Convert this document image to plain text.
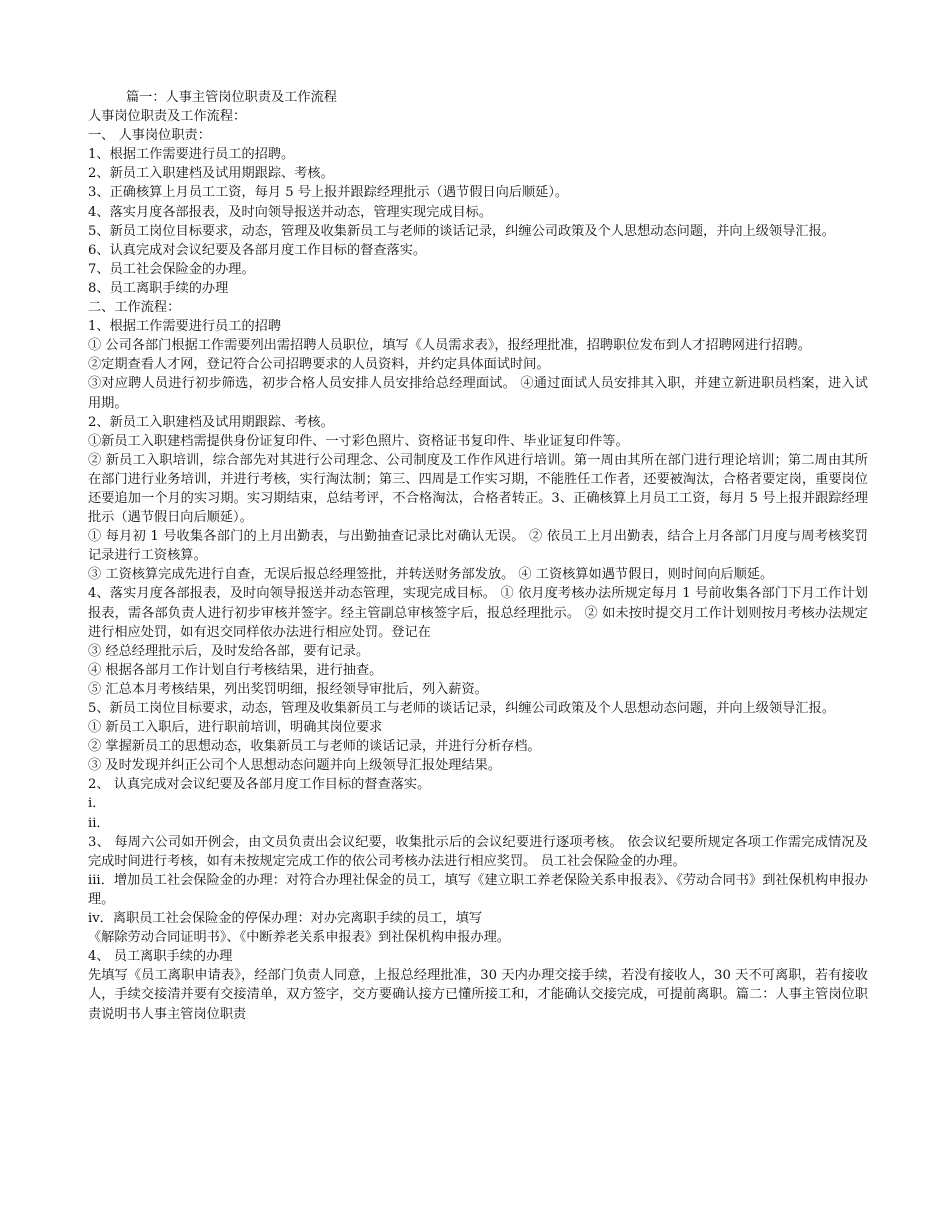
篇一：人事主管岗位职责及工作流程
人事岗位职责及工作流程：
一、 人事岗位职责：
1、根据工作需要进行员工的招聘。
2、新员工入职建档及试用期跟踪、考核。
3、正确核算上月员工工资，每月 5 号上报并跟踪经理批示（遇节假日向后顺延）。
4、落实月度各部报表，及时向领导报送并动态，管理实现完成目标。
5、新员工岗位目标要求，动态，管理及收集新员工与老师的谈话记录，纠缠公司政策及个人思想动态问题，并向上级领导汇报。
6、认真完成对会议纪要及各部月度工作目标的督查落实。
7、员工社会保险金的办理。
8、员工离职手续的办理
二、工作流程：
1、根据工作需要进行员工的招聘
① 公司各部门根据工作需要列出需招聘人员职位，填写《人员需求表》，报经理批准，招聘职位发布到人才招聘网进行招聘。
②定期查看人才网，登记符合公司招聘要求的人员资料，并约定具体面试时间。
③对应聘人员进行初步筛选，初步合格人员安排人员安排给总经理面试。 ④通过面试人员安排其入职，并建立新进职员档案，进入试用期。
2、新员工入职建档及试用期跟踪、考核。
①新员工入职建档需提供身份证复印件、一寸彩色照片、资格证书复印件、毕业证复印件等。
② 新员工入职培训，综合部先对其进行公司理念、公司制度及工作作风进行培训。第一周由其所在部门进行理论培训；第二周由其所在部门进行业务培训，并进行考核，实行淘汰制；第三、四周是工作实习期，不能胜任工作者，还要被淘汰，合格者要定岗，重要岗位还要追加一个月的实习期。实习期结束，总结考评，不合格淘汰，合格者转正。3、正确核算上月员工工资，每月 5 号上报并跟踪经理批示（遇节假日向后顺延）。
① 每月初 1 号收集各部门的上月出勤表，与出勤抽查记录比对确认无误。 ② 依员工上月出勤表，结合上月各部门月度与周考核奖罚记录进行工资核算。
③ 工资核算完成先进行自查，无误后报总经理签批，并转送财务部发放。 ④ 工资核算如遇节假日，则时间向后顺延。
4、落实月度各部报表，及时向领导报送并动态管理，实现完成目标。 ① 依月度考核办法所规定每月 1 号前收集各部门下月工作计划报表，需各部负责人进行初步审核并签字。经主管副总审核签字后，报总经理批示。 ② 如未按时提交月工作计划则按月考核办法规定进行相应处罚，如有迟交同样依办法进行相应处罚。登记在
③ 经总经理批示后，及时发给各部，要有记录。
④ 根据各部月工作计划自行考核结果，进行抽查。
⑤ 汇总本月考核结果，列出奖罚明细，报经领导审批后，列入薪资。
5、新员工岗位目标要求，动态，管理及收集新员工与老师的谈话记录，纠缠公司政策及个人思想动态问题，并向上级领导汇报。
① 新员工入职后，进行职前培训，明确其岗位要求
② 掌握新员工的思想动态，收集新员工与老师的谈话记录，并进行分析存档。
③ 及时发现并纠正公司个人思想动态问题并向上级领导汇报处理结果。
2、 认真完成对会议纪要及各部月度工作目标的督查落实。
i．
ii．
3、 每周六公司如开例会，由文员负责出会议纪要，收集批示后的会议纪要进行逐项考核。 依会议纪要所规定各项工作需完成情况及完成时间进行考核，如有未按规定完成工作的依公司考核办法进行相应奖罚。 员工社会保险金的办理。
iii．增加员工社会保险金的办理：对符合办理社保金的员工，填写《建立职工养老保险关系申报表》、《劳动合同书》到社保机构申报办理。
iv．离职员工社会保险金的停保办理：对办完离职手续的员工，填写
《解除劳动合同证明书》、《中断养老关系申报表》到社保机构申报办理。
4、 员工离职手续的办理
先填写《员工离职申请表》，经部门负责人同意，上报总经理批准，30 天内办理交接手续，若没有接收人，30 天不可离职，若有接收人，手续交接清并要有交接清单，双方签字，交方要确认接方已懂所接工和，才能确认交接完成，可提前离职。篇二：人事主管岗位职责说明书人事主管岗位职责
